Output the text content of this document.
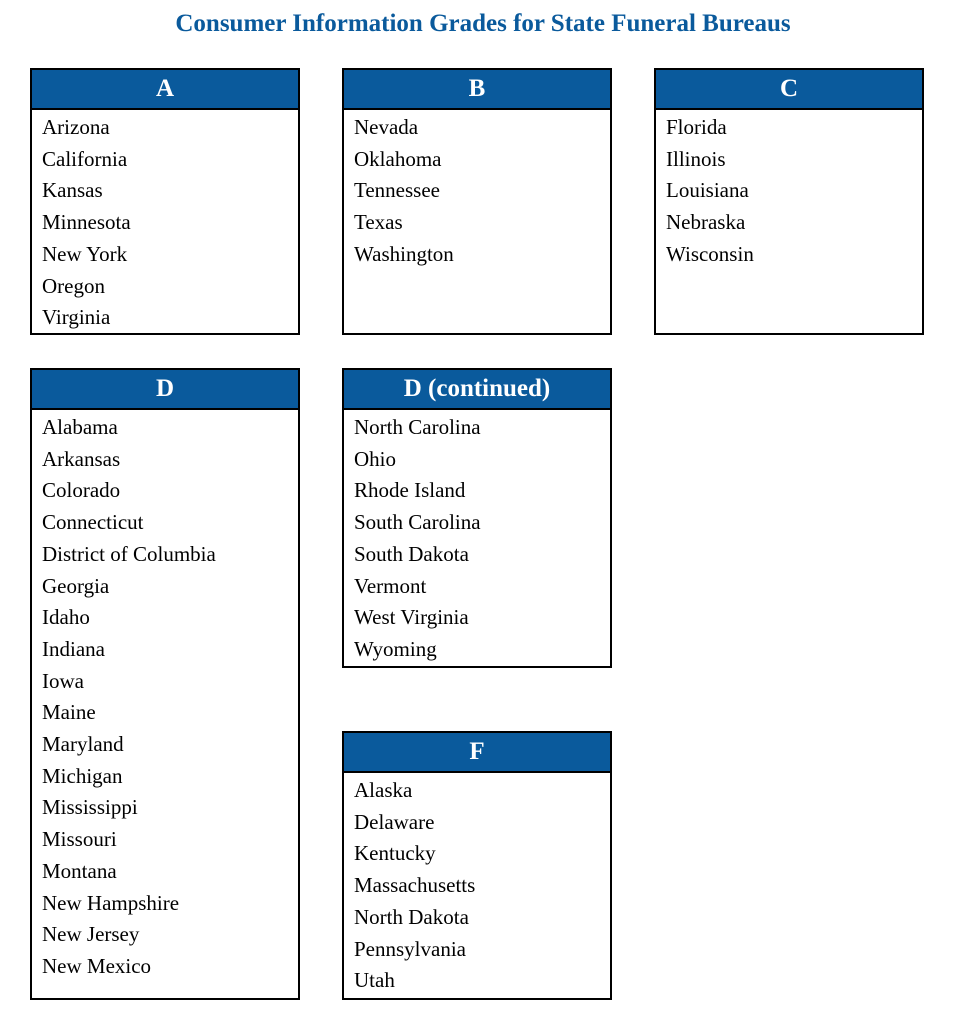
Consumer Information Grades for State Funeral Bureaus
A
Arizona
California
Kansas
Minnesota
New York
Oregon
Virginia
B
Nevada
Oklahoma
Tennessee
Texas
Washington
C
Florida
Illinois
Louisiana
Nebraska
Wisconsin
D
Alabama
Arkansas
Colorado
Connecticut
District of Columbia
Georgia
Idaho
Indiana
Iowa
Maine
Maryland
Michigan
Mississippi
Missouri
Montana
New Hampshire
New Jersey
New Mexico
D (continued)
North Carolina
Ohio
Rhode Island
South Carolina
South Dakota
Vermont
West Virginia
Wyoming
F
Alaska
Delaware
Kentucky
Massachusetts
North Dakota
Pennsylvania
Utah
